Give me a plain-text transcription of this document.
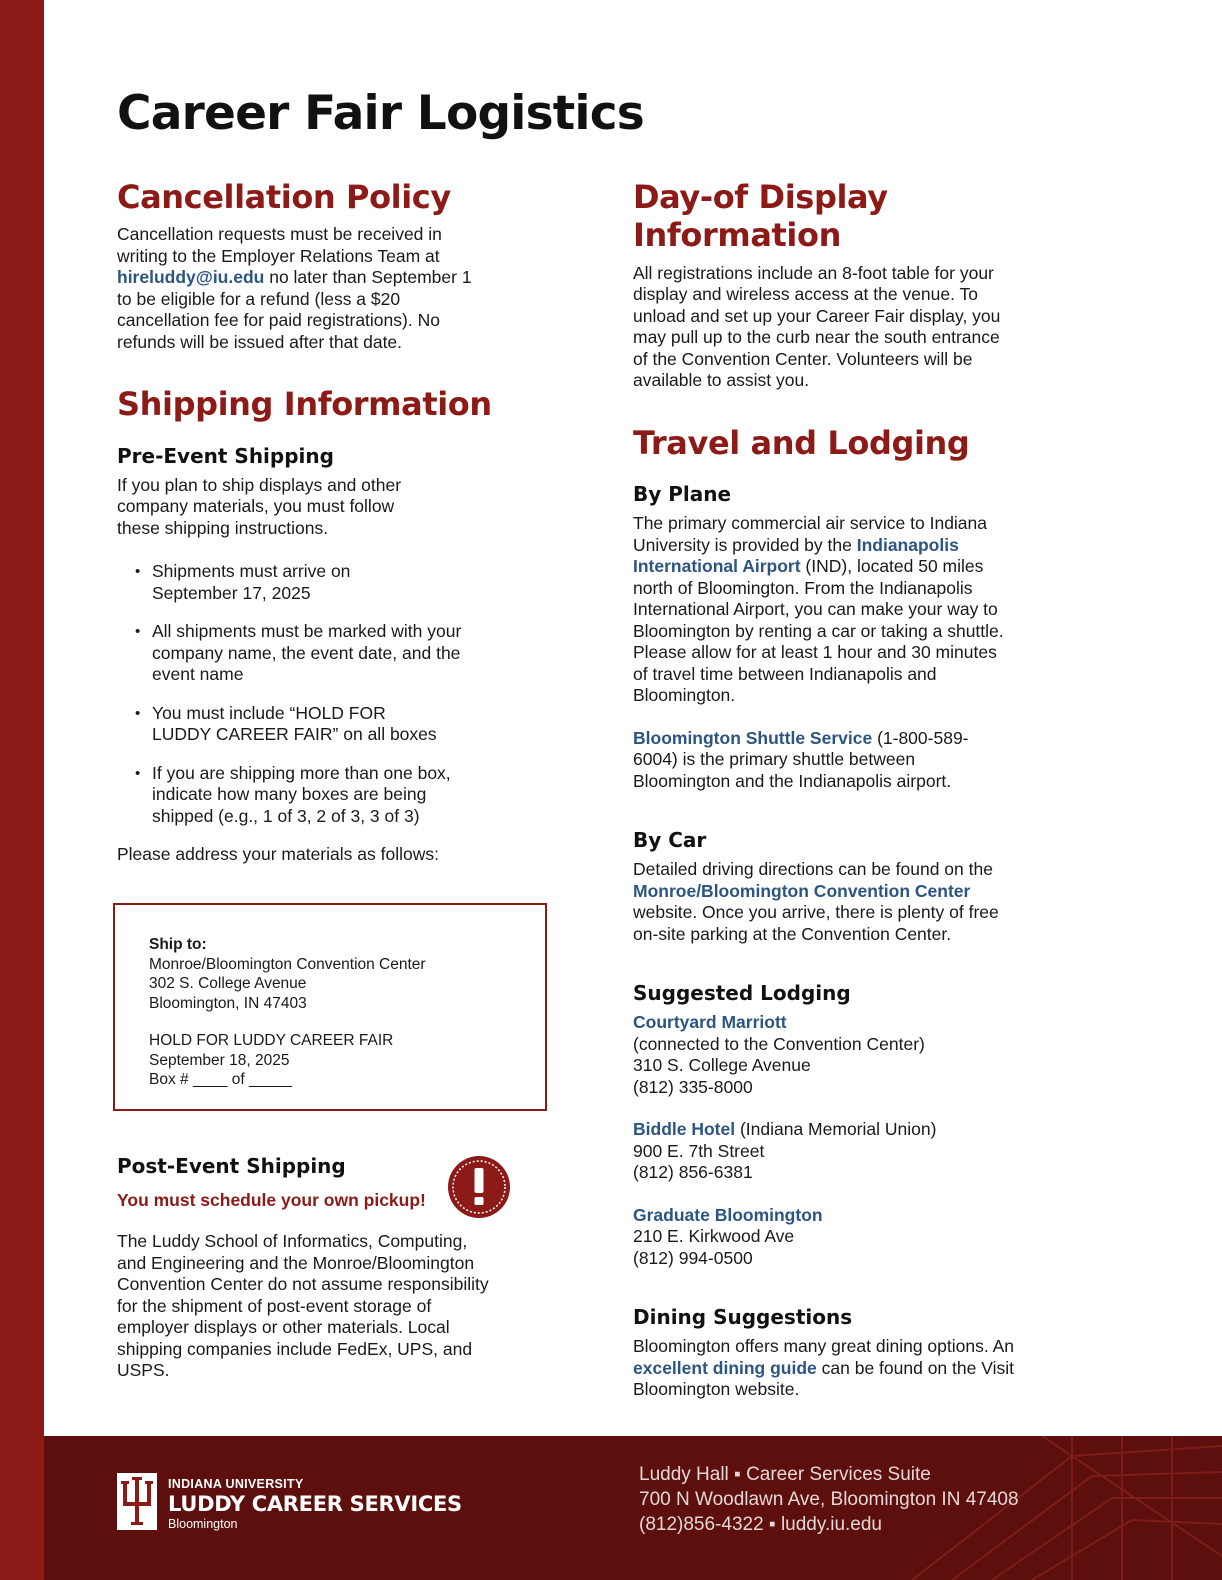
Career Fair Logistics
Cancellation Policy

Cancellation requests must be received in writing to the Employer Relations Team at hireluddy@iu.edu no later than September 1 to be eligible for a refund (less a $20 cancellation fee for paid registrations). No refunds will be issued after that date.

Shipping Information
Pre-Event Shipping

If you plan to ship displays and other company materials, you must follow these shipping instructions.

• Shipments must arrive on September 17, 2025
• All shipments must be marked with your company name, the event date, and the event name
• You must include “HOLD FOR LUDDY CAREER FAIR” on all boxes
• If you are shipping more than one box, indicate how many boxes are being shipped (e.g., 1 of 3, 2 of 3, 3 of 3)

Please address your materials as follows:

Ship to:
Monroe/Bloomington Convention Center
302 S. College Avenue
Bloomington, IN 47403
HOLD FOR LUDDY CAREER FAIR
September 18, 2025
Box # ____ of _____
Post-Event Shipping
You must schedule your own pickup!

The Luddy School of Informatics, Computing, and Engineering and the Monroe/Bloomington Convention Center do not assume responsibility for the shipment of post-event storage of employer displays or other materials. Local shipping companies include FedEx, UPS, and USPS.

Day-of Display Information

All registrations include an 8-foot table for your display and wireless access at the venue. To unload and set up your Career Fair display, you may pull up to the curb near the south entrance of the Convention Center. Volunteers will be available to assist you.

Travel and Lodging
By Plane

The primary commercial air service to Indiana University is provided by the Indianapolis International Airport (IND), located 50 miles north of Bloomington. From the Indianapolis International Airport, you can make your way to Bloomington by renting a car or taking a shuttle. Please allow for at least 1 hour and 30 minutes of travel time between Indianapolis and Bloomington.

Bloomington Shuttle Service (1-800-589-6004) is the primary shuttle between Bloomington and the Indianapolis airport.

By Car

Detailed driving directions can be found on the Monroe/Bloomington Convention Center website. Once you arrive, there is plenty of free on-site parking at the Convention Center.

Suggested Lodging
Courtyard Marriott
(connected to the Convention Center)
310 S. College Avenue
(812) 335-8000
Biddle Hotel (Indiana Memorial Union)
900 E. 7th Street
(812) 856-6381
Graduate Bloomington
210 E. Kirkwood Ave
(812) 994-0500
Dining Suggestions

Bloomington offers many great dining options. An excellent dining guide can be found on the Visit Bloomington website.

INDIANA UNIVERSITY
LUDDY CAREER SERVICES
Bloomington
Luddy Hall ▪ Career Services Suite
700 N Woodlawn Ave, Bloomington IN 47408
(812)856-4322 ▪ luddy.iu.edu
